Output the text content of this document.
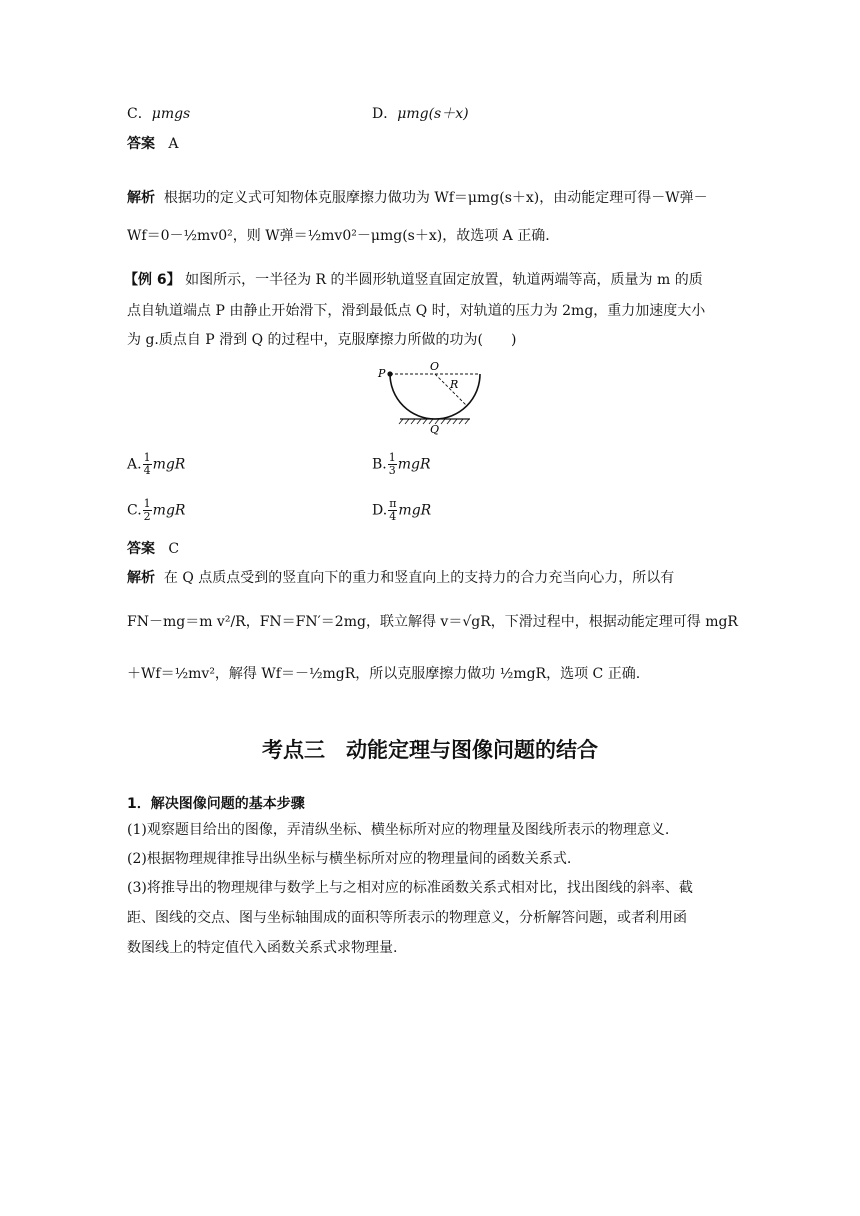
C．μmgs	D．μmg(s＋x)
答案 A
解析 根据功的定义式可知物体克服摩擦力做功为 Wf＝μmg(s＋x)，由动能定理可得－W弹－
Wf＝0－½mv0²，则 W弹＝½mv0²－μmg(s＋x)，故选项 A 正确.
【例 6】 如图所示，一半径为 R 的半圆形轨道竖直固定放置，轨道两端等高，质量为 m 的质
点自轨道端点 P 由静止开始滑下，滑到最低点 Q 时，对轨道的压力为 2mg，重力加速度大小
为 g.质点自 P 滑到 Q 的过程中，克服摩擦力所做的功为(　　)
P
O
R
Q
A. $\frac{1}{4}$ mgR	B. $\frac{1}{3}$ mgR
C. $\frac{1}{2}$ mgR	D. $\frac{\pi}{4}$ mgR
答案 C
解析 在 Q 点质点受到的竖直向下的重力和竖直向上的支持力的合力充当向心力，所以有
FN－mg＝m v²/R，FN＝FN′＝2mg，联立解得 v＝√gR，下滑过程中，根据动能定理可得 mgR
＋Wf＝½mv²，解得 Wf＝－½mgR，所以克服摩擦力做功 ½mgR，选项 C 正确.
考点三　动能定理与图像问题的结合
1．解决图像问题的基本步骤
(1)观察题目给出的图像，弄清纵坐标、横坐标所对应的物理量及图线所表示的物理意义.
(2)根据物理规律推导出纵坐标与横坐标所对应的物理量间的函数关系式.
(3)将推导出的物理规律与数学上与之相对应的标准函数关系式相对比，找出图线的斜率、截
距、图线的交点、图与坐标轴围成的面积等所表示的物理意义，分析解答问题，或者利用函
数图线上的特定值代入函数关系式求物理量.
